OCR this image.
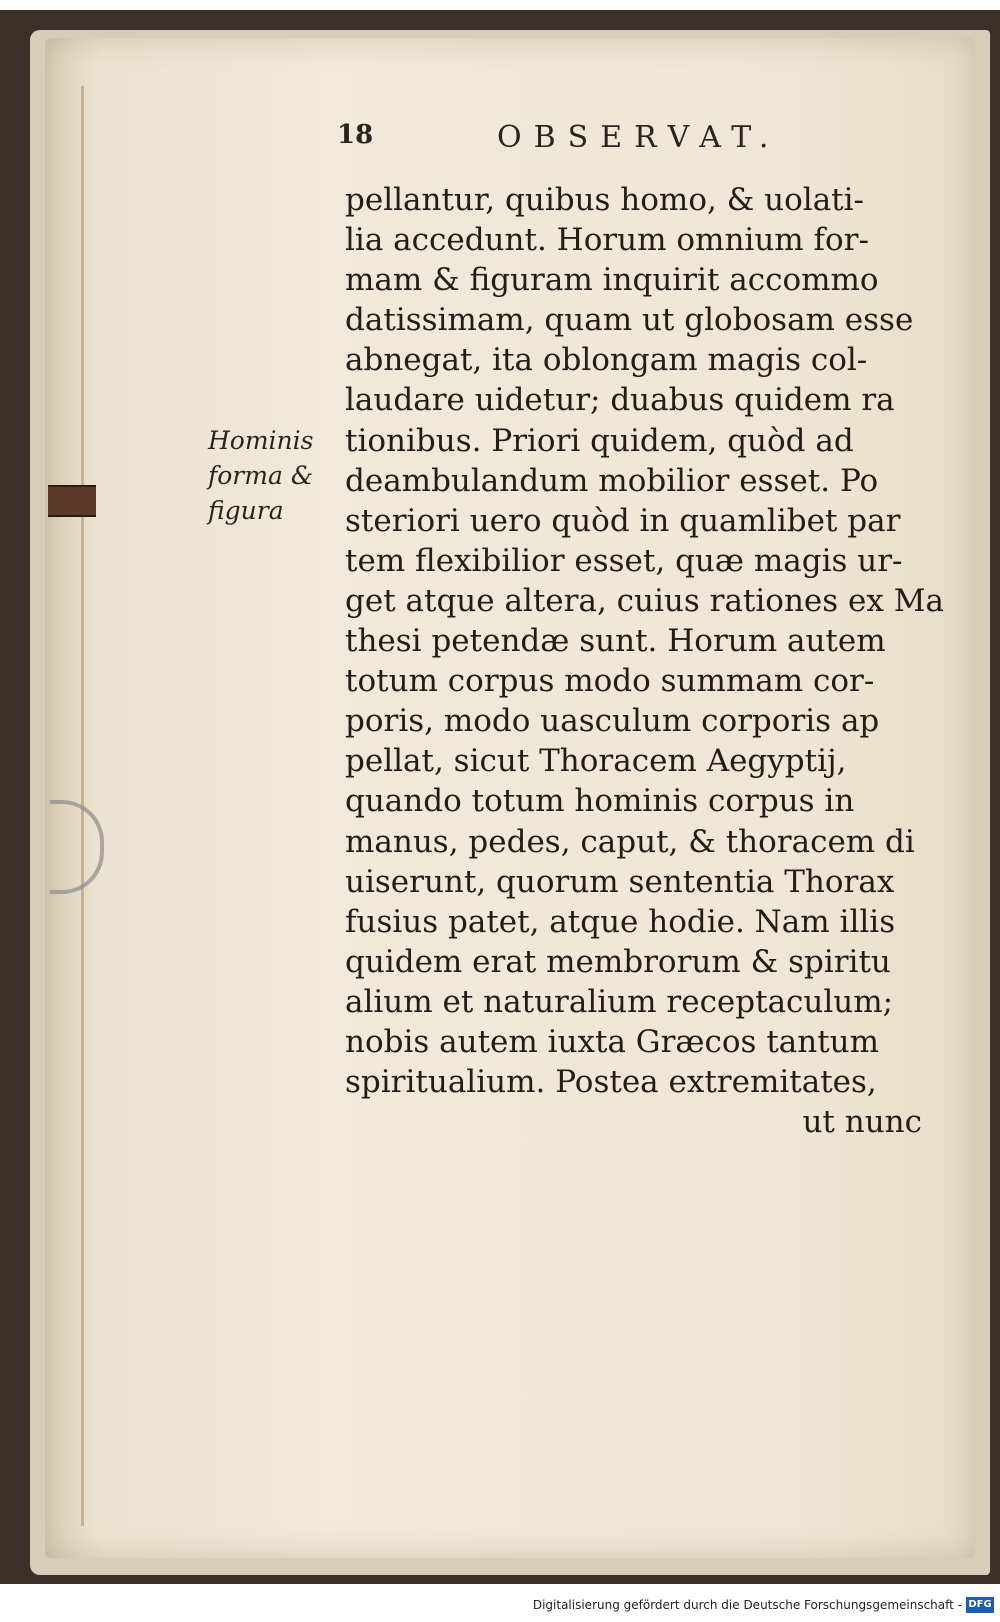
18	OBSERVAT.
Hominis
forma &
figura
pellantur, quibus homo, & uolati-
lia accedunt. Horum omnium for-
mam & figuram inquirit accommo
datissimam, quam ut globosam esse
abnegat, ita oblongam magis col-
laudare uidetur; duabus quidem ra
tionibus. Priori quidem, quòd ad
deambulandum mobilior esset. Po
steriori uero quòd in quamlibet par
tem flexibilior esset, quæ magis ur-
get atque altera, cuius rationes ex Ma
thesi petendæ sunt. Horum autem
totum corpus modo summam cor-
poris, modo uasculum corporis ap
pellat, sicut Thoracem Aegyptij,
quando totum hominis corpus in
manus, pedes, caput, & thoracem di
uiserunt, quorum sententia Thorax
fusius patet, atque hodie. Nam illis
quidem erat membrorum & spiritu
alium et naturalium receptaculum;
nobis autem iuxta Græcos tantum
spiritualium. Postea extremitates,
ut nunc
Digitalisierung gefördert durch die Deutsche Forschungsgemeinschaft - DFG
